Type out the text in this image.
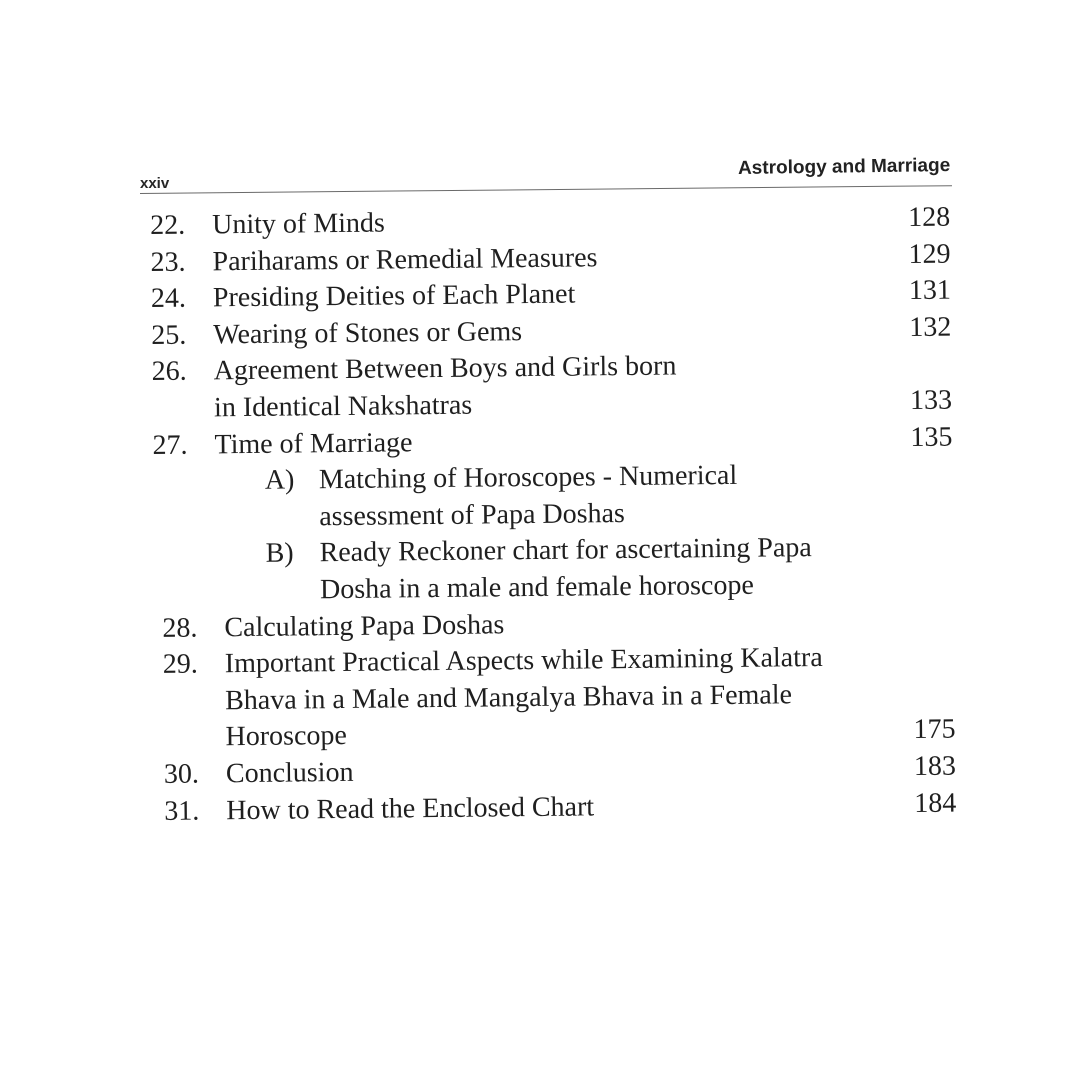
xxiv
Astrology and Marriage
22. Unity of Minds	128
23. Pariharams or Remedial Measures	129
24. Presiding Deities of Each Planet	131
25. Wearing of Stones or Gems	132
26. Agreement Between Boys and Girls born
in Identical Nakshatras	133
27. Time of Marriage	135
A) Matching of Horoscopes - Numerical
assessment of Papa Doshas
B) Ready Reckoner chart for ascertaining Papa
Dosha in a male and female horoscope
28. Calculating Papa Doshas
29. Important Practical Aspects while Examining Kalatra
Bhava in a Male and Mangalya Bhava in a Female
Horoscope	175
30. Conclusion	183
31. How to Read the Enclosed Chart	184
